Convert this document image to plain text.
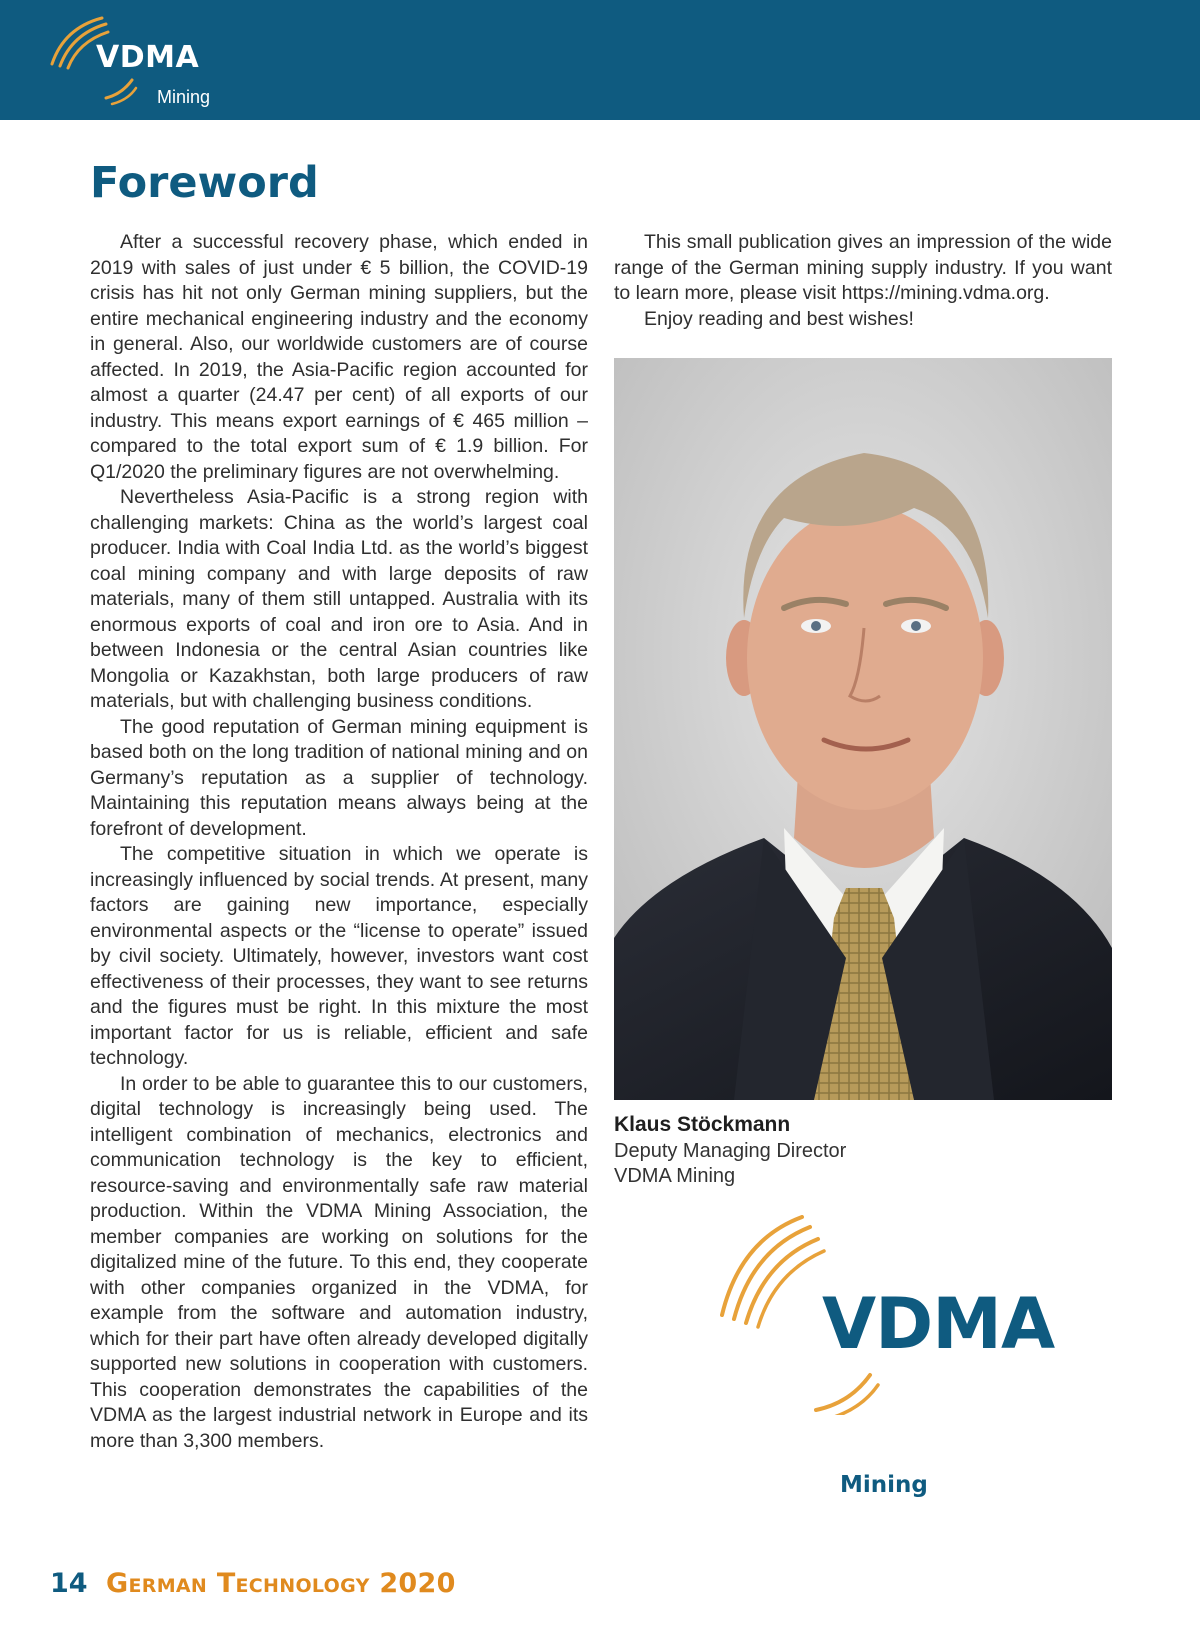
VDMA
Mining
Foreword

After a successful recovery phase, which ended in 2019 with sales of just under € 5 billion, the COVID-19 crisis has hit not only German mining suppliers, but the entire mechanical engineering industry and the economy in general. Also, our worldwide customers are of course affected. In 2019, the Asia-Pacific region accounted for almost a quarter (24.47 per cent) of all exports of our industry. This means export earnings of € 465 million – compared to the total export sum of € 1.9 billion. For Q1/2020 the preliminary figures are not overwhelming.

Nevertheless Asia-Pacific is a strong region with challenging markets: China as the world’s largest coal producer. India with Coal India Ltd. as the world’s biggest coal mining company and with large deposits of raw materials, many of them still untapped. Australia with its enormous exports of coal and iron ore to Asia. And in between Indonesia or the central Asian countries like Mongolia or Kazakhstan, both large producers of raw materials, but with challenging business conditions.

The good reputation of German mining equipment is based both on the long tradition of national mining and on Germany’s reputation as a supplier of technology. Maintaining this reputation means always being at the forefront of development.

The competitive situation in which we operate is increasingly influenced by social trends. At present, many factors are gaining new importance, especially environmental aspects or the “license to operate” issued by civil society. Ultimately, however, investors want cost effectiveness of their processes, they want to see returns and the figures must be right. In this mixture the most important factor for us is reliable, efficient and safe technology.

In order to be able to guarantee this to our customers, digital technology is increasingly being used. The intelligent combination of mechanics, electronics and communication technology is the key to efficient, resource-saving and environmentally safe raw material production. Within the VDMA Mining Association, the member companies are working on solutions for the digitalized mine of the future. To this end, they cooperate with other companies organized in the VDMA, for example from the software and automation industry, which for their part have often already developed digitally supported new solutions in cooperation with customers. This cooperation demonstrates the capabilities of the VDMA as the largest industrial network in Europe and its more than 3,300 members.

This small publication gives an impression of the wide range of the German mining supply industry. If you want to learn more, please visit https://mining.vdma.org.

Enjoy reading and best wishes!

Klaus Stöckmann
Deputy Managing Director
VDMA Mining
VDMA
Mining
14 German Technology 2020
